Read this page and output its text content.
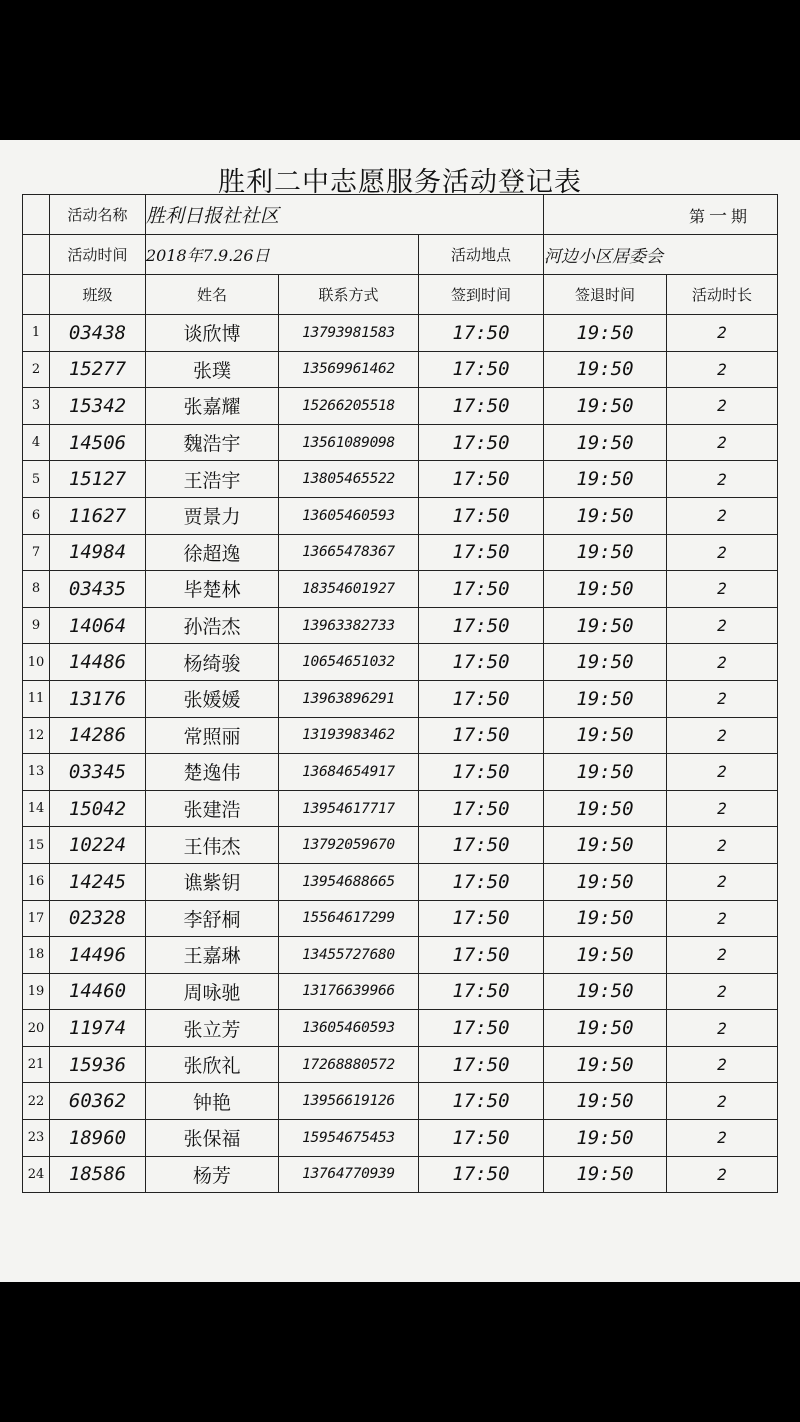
胜利二中志愿服务活动登记表
	活动名称	胜利日报社社区			第 一 期	
	活动时间	2018年7.9.26日		活动地点	河边小区居委会	
	班级	姓名	联系方式	签到时间	签退时间	活动时长
1	03438	谈欣博	13793981583	17:50	19:50	2
2	15277	张璞	13569961462	17:50	19:50	2
3	15342	张嘉耀	15266205518	17:50	19:50	2
4	14506	魏浩宇	13561089098	17:50	19:50	2
5	15127	王浩宇	13805465522	17:50	19:50	2
6	11627	贾景力	13605460593	17:50	19:50	2
7	14984	徐超逸	13665478367	17:50	19:50	2
8	03435	毕楚林	18354601927	17:50	19:50	2
9	14064	孙浩杰	13963382733	17:50	19:50	2
10	14486	杨绮骏	10654651032	17:50	19:50	2
11	13176	张媛媛	13963896291	17:50	19:50	2
12	14286	常照丽	13193983462	17:50	19:50	2
13	03345	楚逸伟	13684654917	17:50	19:50	2
14	15042	张建浩	13954617717	17:50	19:50	2
15	10224	王伟杰	13792059670	17:50	19:50	2
16	14245	谯紫钥	13954688665	17:50	19:50	2
17	02328	李舒桐	15564617299	17:50	19:50	2
18	14496	王嘉琳	13455727680	17:50	19:50	2
19	14460	周咏驰	13176639966	17:50	19:50	2
20	11974	张立芳	13605460593	17:50	19:50	2
21	15936	张欣礼	17268880572	17:50	19:50	2
22	60362	钟艳	13956619126	17:50	19:50	2
23	18960	张保福	15954675453	17:50	19:50	2
24	18586	杨芳	13764770939	17:50	19:50	2
